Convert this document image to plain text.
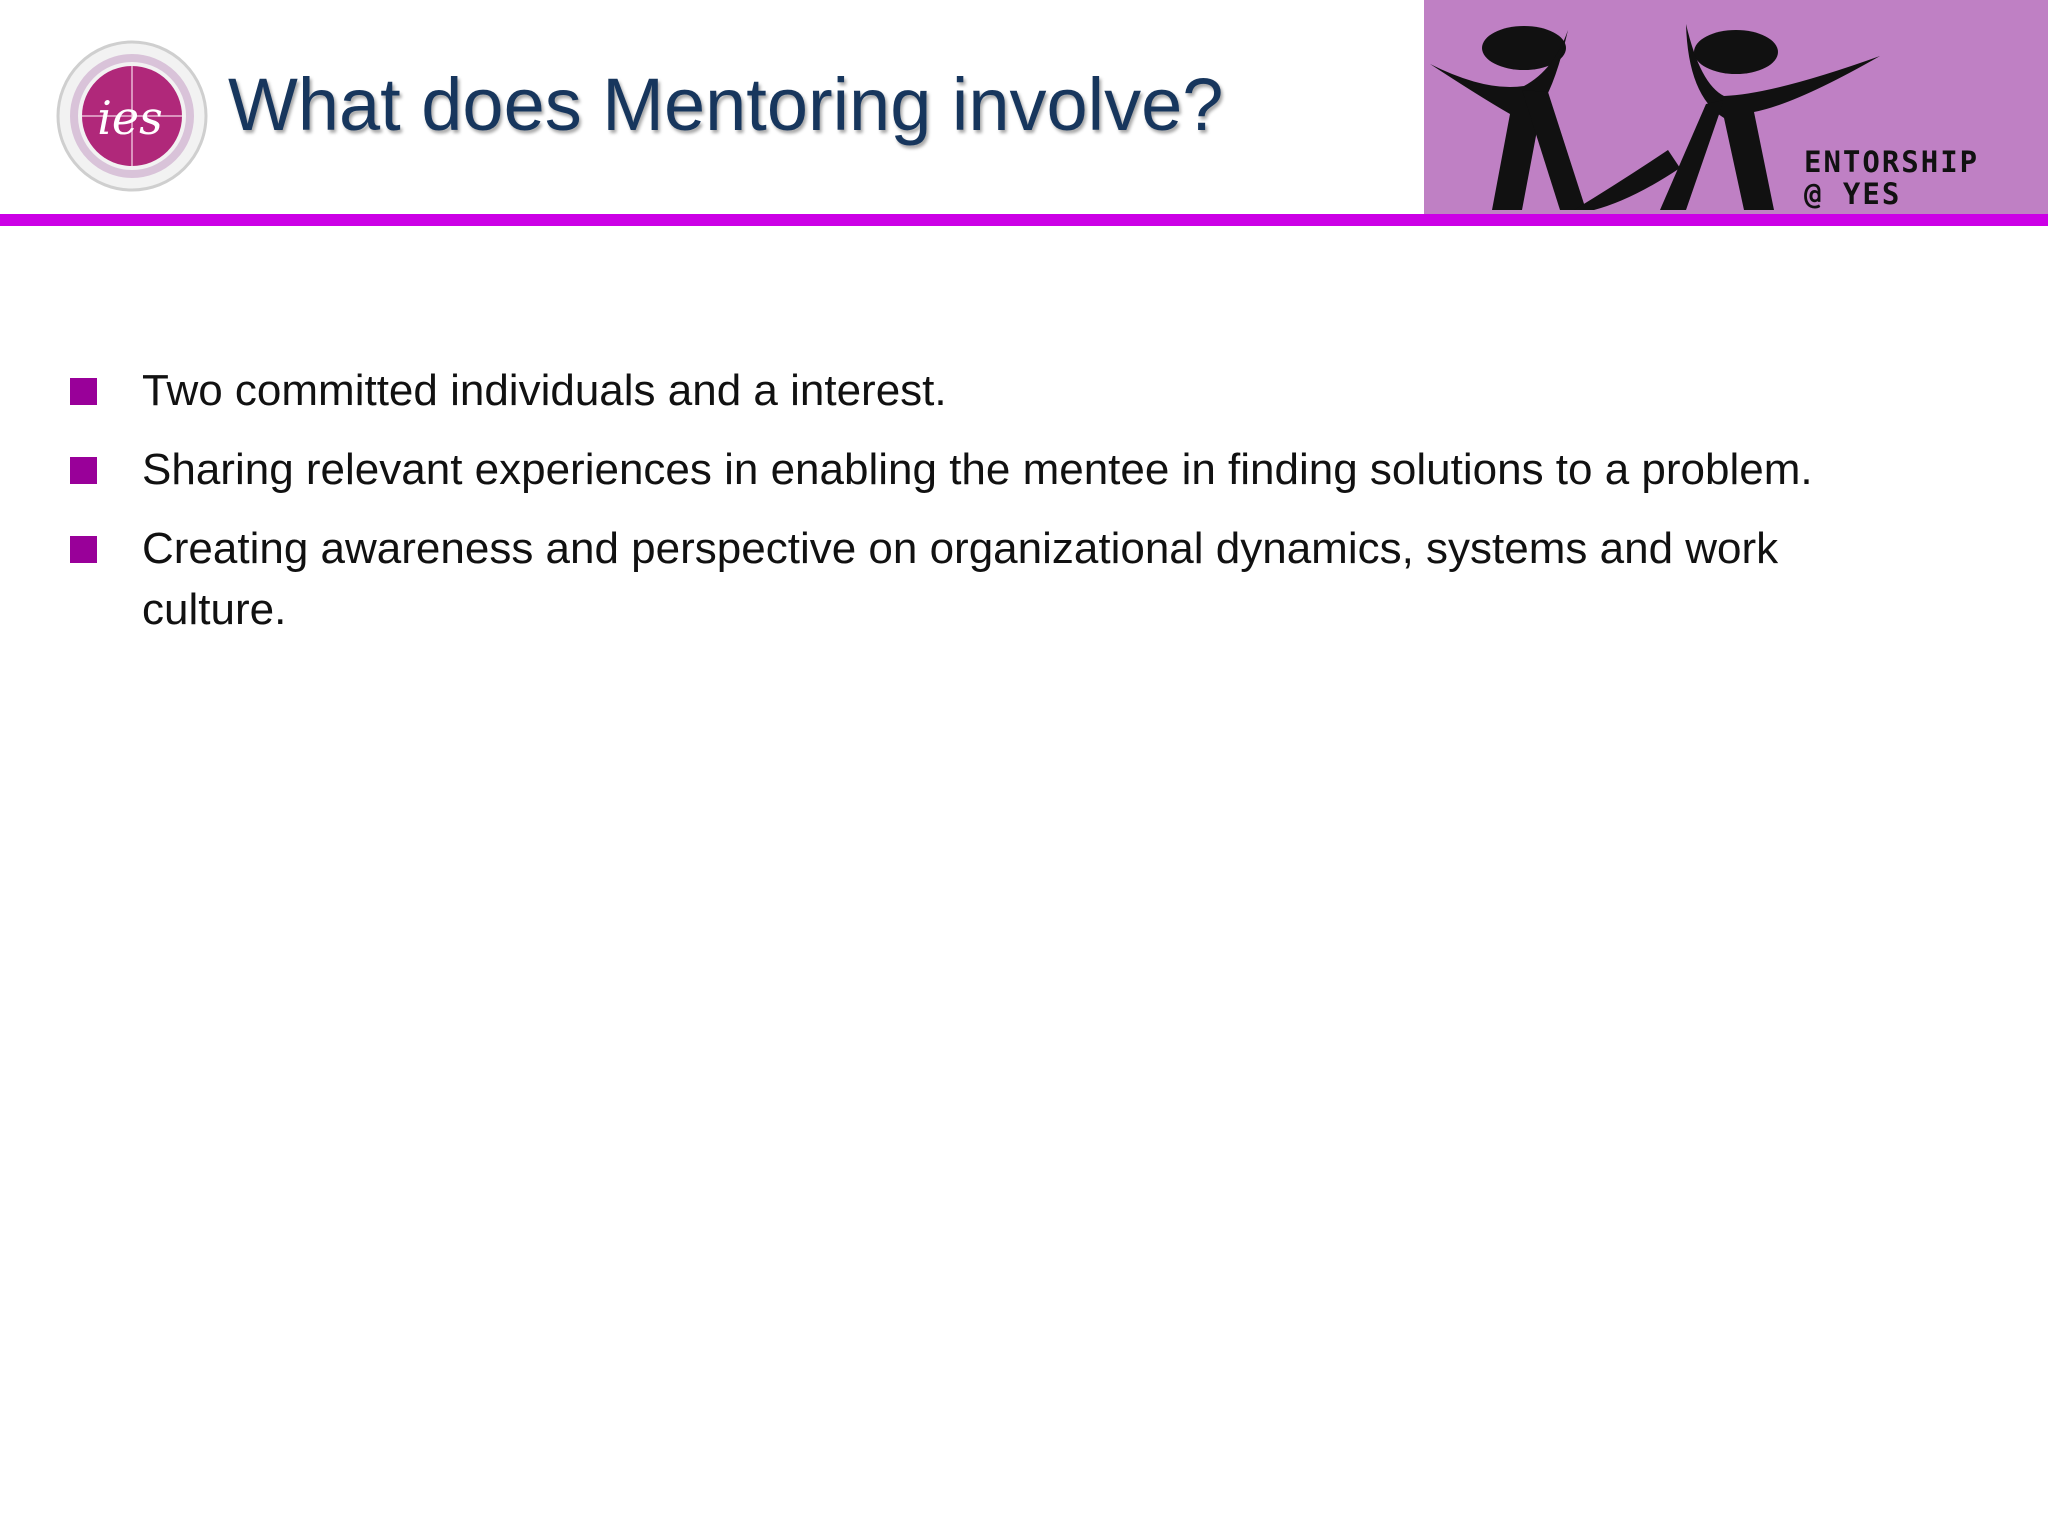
ies What does Mentoring involve?
ENTORSHIP
@ YES
Two committed individuals and a interest.
Sharing relevant experiences in enabling the mentee in finding solutions to a problem.
Creating awareness and perspective on organizational dynamics, systems and work culture.
